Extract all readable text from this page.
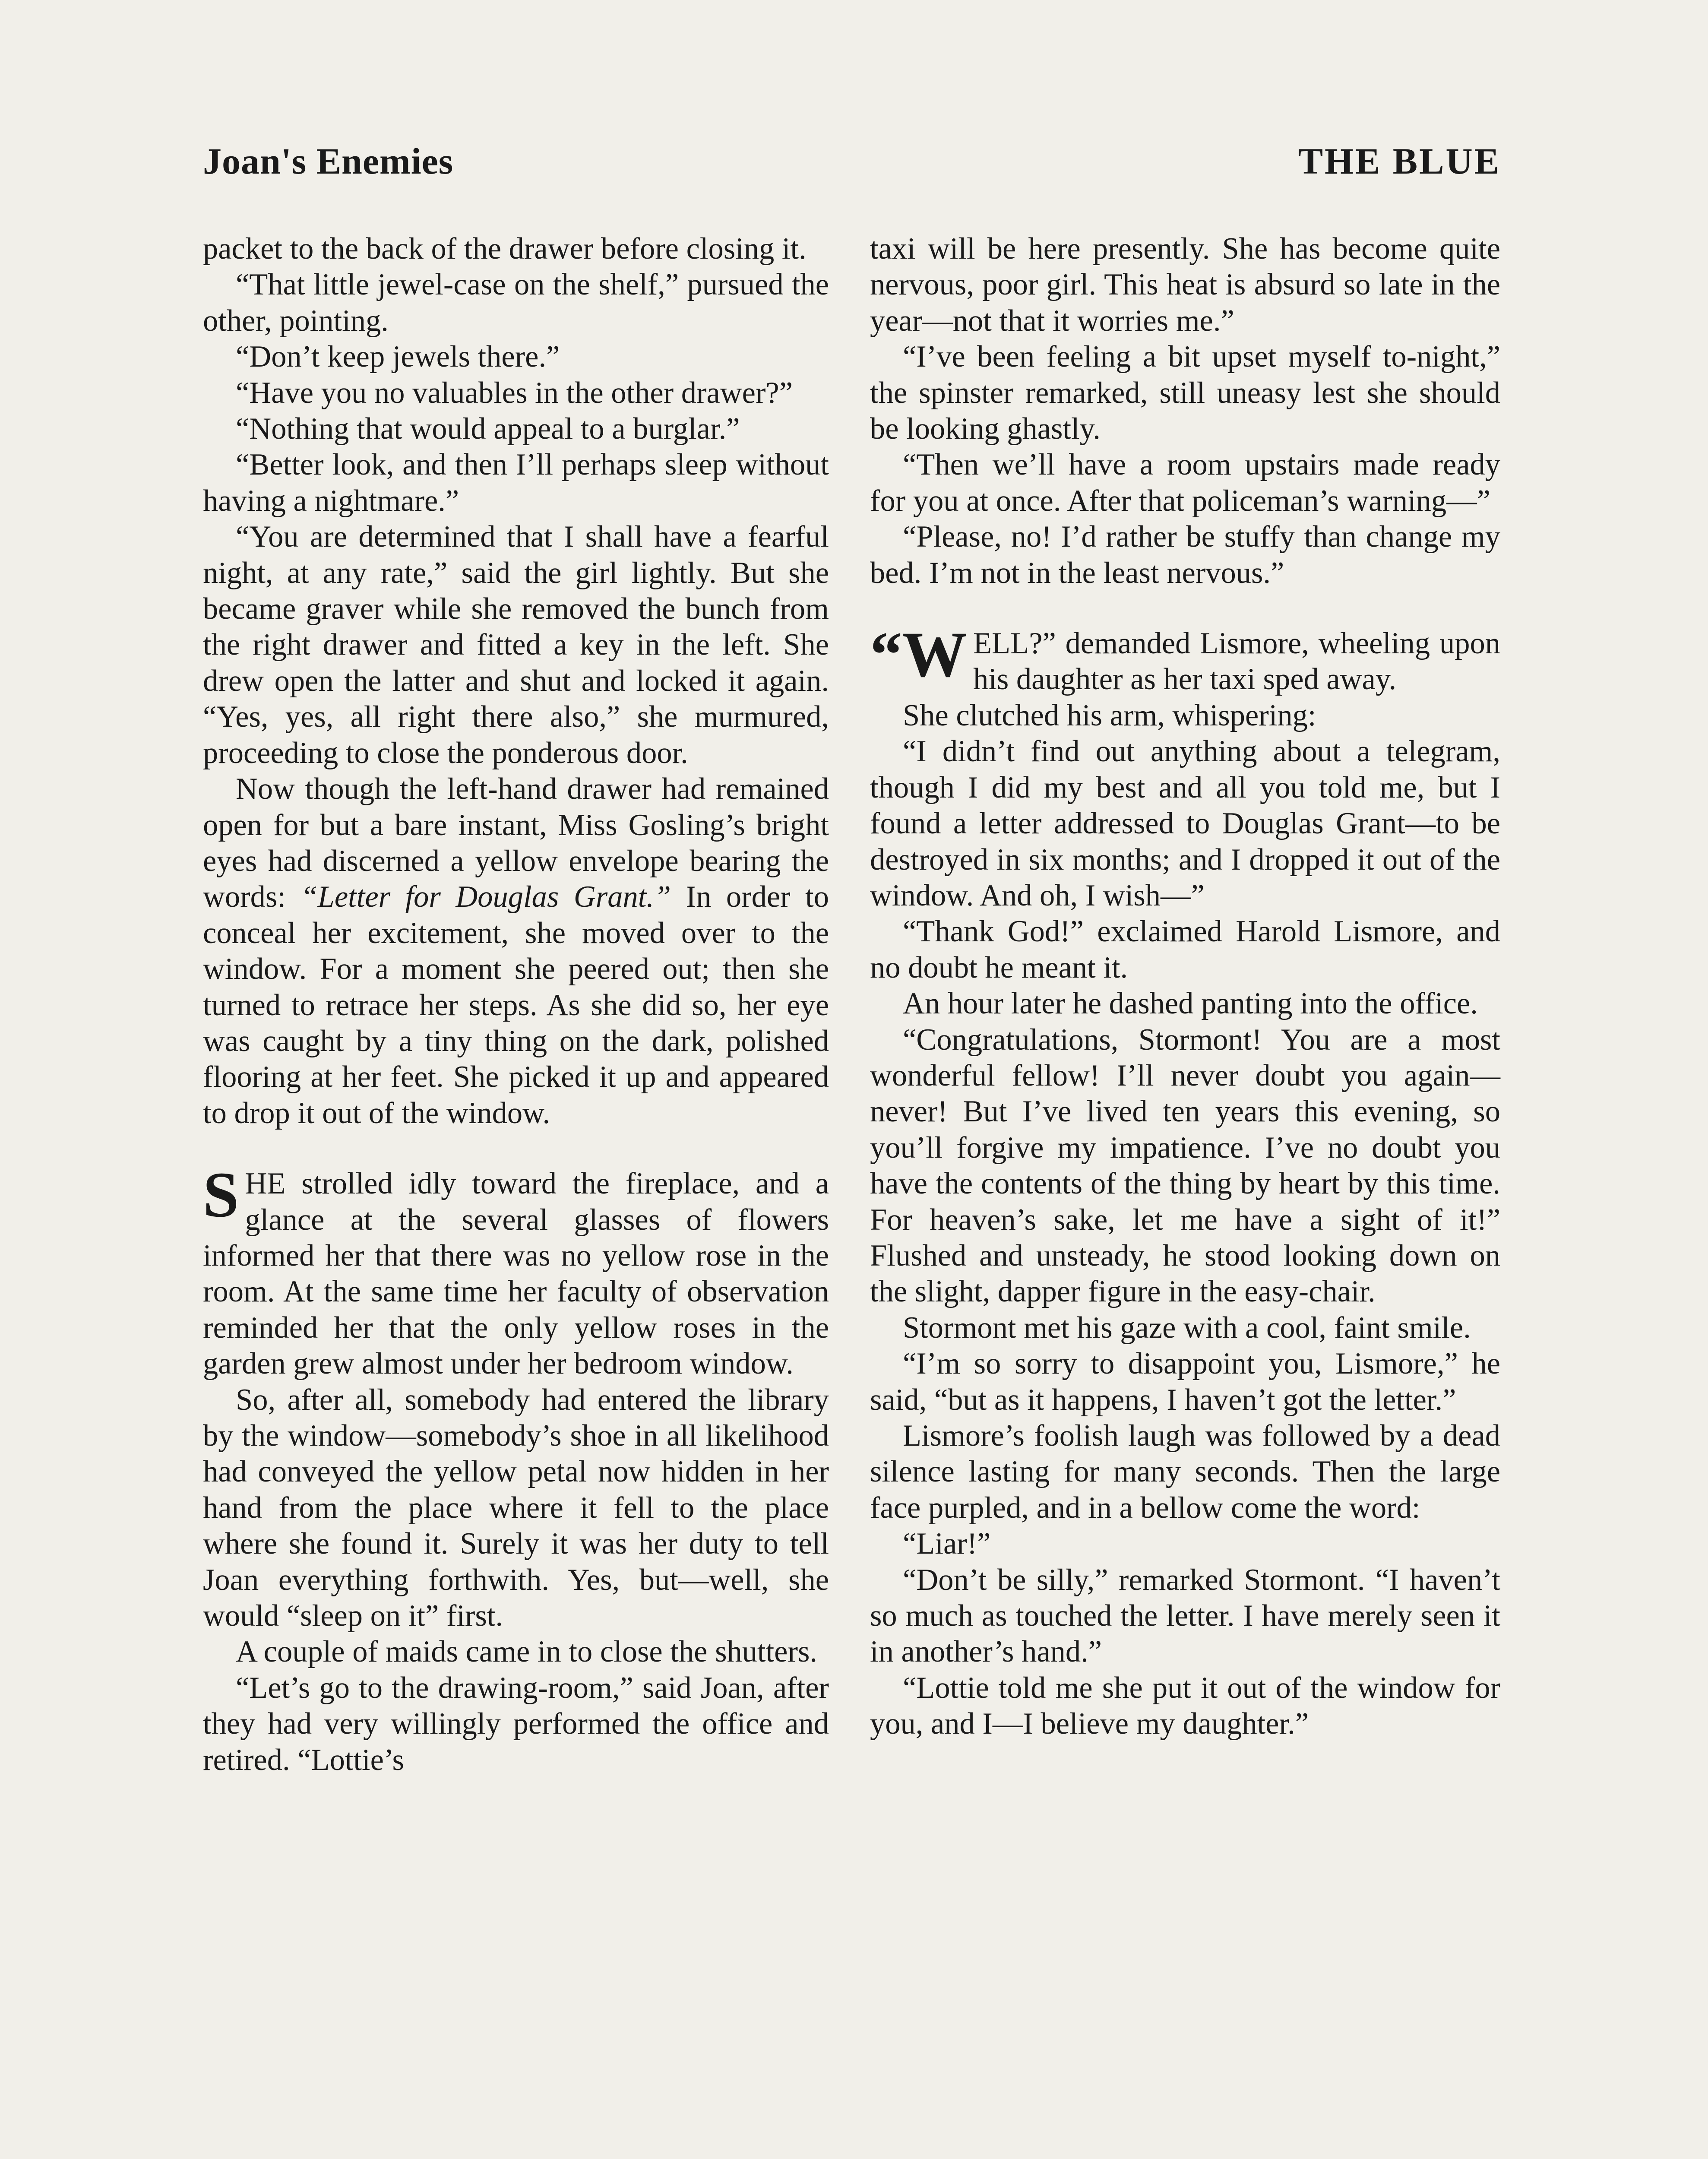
Joan's Enemies	THE BLUE

packet to the back of the drawer before closing it.

“That little jewel-case on the shelf,” pursued the other, pointing.

“Don’t keep jewels there.”

“Have you no valuables in the other drawer?”

“Nothing that would appeal to a burglar.”

“Better look, and then I’ll perhaps sleep without having a nightmare.”

“You are determined that I shall have a fearful night, at any rate,” said the girl lightly. But she became graver while she removed the bunch from the right drawer and fitted a key in the left. She drew open the latter and shut and locked it again. “Yes, yes, all right there also,” she murmured, proceeding to close the ponderous door.

Now though the left-hand drawer had remained open for but a bare instant, Miss Gosling’s bright eyes had discerned a yellow envelope bearing the words: “Letter for Douglas Grant.” In order to conceal her excitement, she moved over to the window. For a moment she peered out; then she turned to retrace her steps. As she did so, her eye was caught by a tiny thing on the dark, polished flooring at her feet. She picked it up and appeared to drop it out of the window.

SHE strolled idly toward the fireplace, and a glance at the several glasses of flowers informed her that there was no yellow rose in the room. At the same time her faculty of observation reminded her that the only yellow roses in the garden grew almost under her bedroom window.

So, after all, somebody had entered the library by the window—somebody’s shoe in all likelihood had conveyed the yellow petal now hidden in her hand from the place where it fell to the place where she found it. Surely it was her duty to tell Joan everything forthwith. Yes, but—well, she would “sleep on it” first.

A couple of maids came in to close the shutters.

“Let’s go to the drawing-room,” said Joan, after they had very willingly performed the office and retired. “Lottie’s

taxi will be here presently. She has become quite nervous, poor girl. This heat is absurd so late in the year—not that it worries me.”

“I’ve been feeling a bit upset myself to-night,” the spinster remarked, still uneasy lest she should be looking ghastly.

“Then we’ll have a room upstairs made ready for you at once. After that policeman’s warning—”

“Please, no! I’d rather be stuffy than change my bed. I’m not in the least nervous.”

“WELL?” demanded Lismore, wheeling upon his daughter as her taxi sped away.

She clutched his arm, whispering:

“I didn’t find out anything about a telegram, though I did my best and all you told me, but I found a letter addressed to Douglas Grant—to be destroyed in six months; and I dropped it out of the window. And oh, I wish—”

“Thank God!” exclaimed Harold Lismore, and no doubt he meant it.

An hour later he dashed panting into the office.

“Congratulations, Stormont! You are a most wonderful fellow! I’ll never doubt you again—never! But I’ve lived ten years this evening, so you’ll forgive my impatience. I’ve no doubt you have the contents of the thing by heart by this time. For heaven’s sake, let me have a sight of it!” Flushed and unsteady, he stood looking down on the slight, dapper figure in the easy-chair.

Stormont met his gaze with a cool, faint smile.

“I’m so sorry to disappoint you, Lismore,” he said, “but as it happens, I haven’t got the letter.”

Lismore’s foolish laugh was followed by a dead silence lasting for many seconds. Then the large face purpled, and in a bellow come the word:

“Liar!”

“Don’t be silly,” remarked Stormont. “I haven’t so much as touched the letter. I have merely seen it in another’s hand.”

“Lottie told me she put it out of the window for you, and I—I believe my daughter.”
